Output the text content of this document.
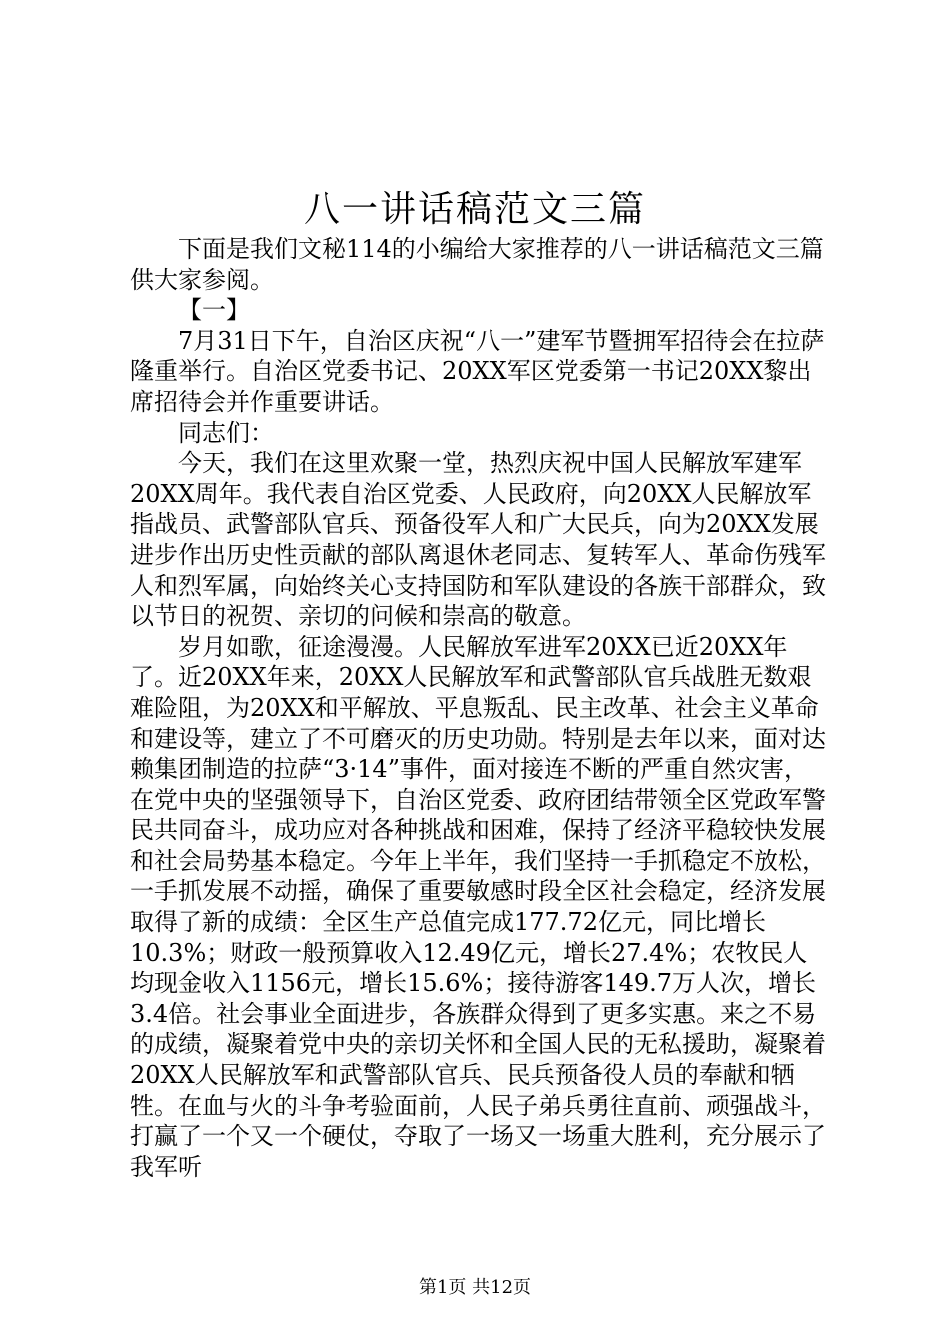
八一讲话稿范文三篇

下面是我们文秘114的小编给大家推荐的八一讲话稿范文三篇供大家参阅。

【一】

7月31日下午，自治区庆祝“八一”建军节暨拥军招待会在拉萨隆重举行。自治区党委书记、20XX军区党委第一书记20XX黎出席招待会并作重要讲话。

同志们：

今天，我们在这里欢聚一堂，热烈庆祝中国人民解放军建军20XX周年。我代表自治区党委、人民政府，向20XX人民解放军指战员、武警部队官兵、预备役军人和广大民兵，向为20XX发展进步作出历史性贡献的部队离退休老同志、复转军人、革命伤残军人和烈军属，向始终关心支持国防和军队建设的各族干部群众，致以节日的祝贺、亲切的问候和崇高的敬意。

岁月如歌，征途漫漫。人民解放军进军20XX已近20XX年了。近20XX年来，20XX人民解放军和武警部队官兵战胜无数艰难险阻，为20XX和平解放、平息叛乱、民主改革、社会主义革命和建设等，建立了不可磨灭的历史功勋。特别是去年以来，面对达赖集团制造的拉萨“3·14”事件，面对接连不断的严重自然灾害，在党中央的坚强领导下，自治区党委、政府团结带领全区党政军警民共同奋斗，成功应对各种挑战和困难，保持了经济平稳较快发展和社会局势基本稳定。今年上半年，我们坚持一手抓稳定不放松，一手抓发展不动摇，确保了重要敏感时段全区社会稳定，经济发展取得了新的成绩：全区生产总值完成177.72亿元，同比增长10.3%；财政一般预算收入12.49亿元，增长27.4%；农牧民人均现金收入1156元，增长15.6%；接待游客149.7万人次，增长3.4倍。社会事业全面进步，各族群众得到了更多实惠。来之不易的成绩，凝聚着党中央的亲切关怀和全国人民的无私援助，凝聚着20XX人民解放军和武警部队官兵、民兵预备役人员的奉献和牺牲。在血与火的斗争考验面前，人民子弟兵勇往直前、顽强战斗，打赢了一个又一个硬仗，夺取了一场又一场重大胜利，充分展示了我军听

第1页 共12页
